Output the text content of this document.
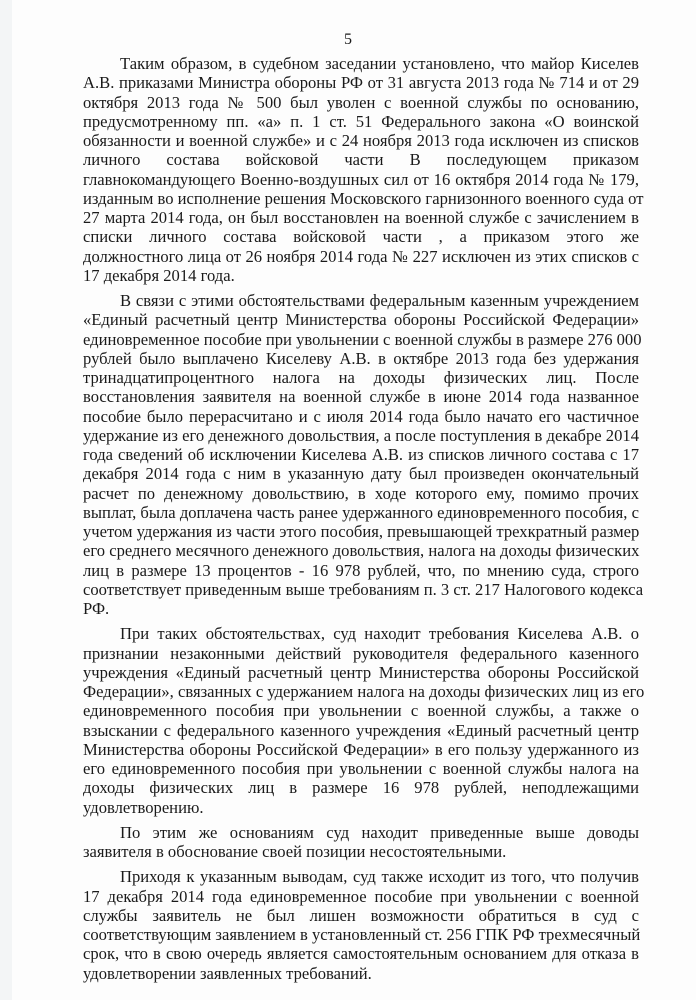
5
Таким образом, в судебном заседании установлено, что майор Киселев
А.В. приказами Министра обороны РФ от 31 августа 2013 года № 714 и от 29
октября 2013 года № 500 был уволен с военной службы по основанию,
предусмотренному пп. «а» п. 1 ст. 51 Федерального закона «О воинской
обязанности и военной службе» и с 24 ноября 2013 года исключен из списков
личного состава войсковой части В последующем приказом
главнокомандующего Военно-воздушных сил от 16 октября 2014 года № 179,
изданным во исполнение решения Московского гарнизонного военного суда от
27 марта 2014 года, он был восстановлен на военной службе с зачислением в
списки личного состава войсковой части , а приказом этого же
должностного лица от 26 ноября 2014 года № 227 исключен из этих списков с
17 декабря 2014 года.
В связи с этими обстоятельствами федеральным казенным учреждением
«Единый расчетный центр Министерства обороны Российской Федерации»
единовременное пособие при увольнении с военной службы в размере 276 000
рублей было выплачено Киселеву А.В. в октябре 2013 года без удержания
тринадцатипроцентного налога на доходы физических лиц. После
восстановления заявителя на военной службе в июне 2014 года названное
пособие было перерасчитано и с июля 2014 года было начато его частичное
удержание из его денежного довольствия, а после поступления в декабре 2014
года сведений об исключении Киселева А.В. из списков личного состава с 17
декабря 2014 года с ним в указанную дату был произведен окончательный
расчет по денежному довольствию, в ходе которого ему, помимо прочих
выплат, была доплачена часть ранее удержанного единовременного пособия, с
учетом удержания из части этого пособия, превышающей трехкратный размер
его среднего месячного денежного довольствия, налога на доходы физических
лиц в размере 13 процентов - 16 978 рублей, что, по мнению суда, строго
соответствует приведенным выше требованиям п. 3 ст. 217 Налогового кодекса
РФ.
При таких обстоятельствах, суд находит требования Киселева А.В. о
признании незаконными действий руководителя федерального казенного
учреждения «Единый расчетный центр Министерства обороны Российской
Федерации», связанных с удержанием налога на доходы физических лиц из его
единовременного пособия при увольнении с военной службы, а также о
взыскании с федерального казенного учреждения «Единый расчетный центр
Министерства обороны Российской Федерации» в его пользу удержанного из
его единовременного пособия при увольнении с военной службы налога на
доходы физических лиц в размере 16 978 рублей, неподлежащими
удовлетворению.
По этим же основаниям суд находит приведенные выше доводы
заявителя в обоснование своей позиции несостоятельными.
Приходя к указанным выводам, суд также исходит из того, что получив
17 декабря 2014 года единовременное пособие при увольнении с военной
службы заявитель не был лишен возможности обратиться в суд с
соответствующим заявлением в установленный ст. 256 ГПК РФ трехмесячный
срок, что в свою очередь является самостоятельным основанием для отказа в
удовлетворении заявленных требований.
